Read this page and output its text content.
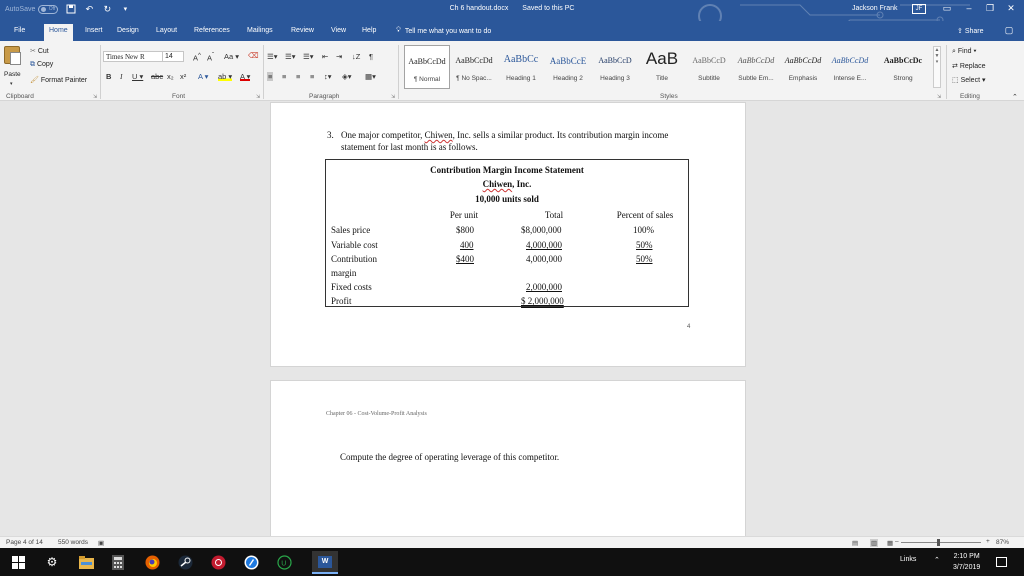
AutoSave	Off	↶ ↻	▾	Ch 6 handout.docx Saved to this PC	Jackson Frank	JF	▭	–	❐	✕
File	Home	Insert Design Layout References Mailings	Review View Help	💡︎ Tell me what you want to do	⇪ Share	▢
Paste
▾
✂ Cut
⧉ Copy
🖌︎ Format Painter
Clipboard	⇲
Times New R	14	A^ $A^ˇ$ Aa ▾ ⌫
B I U ▾ abc x₂ x² A ▾ ab ▾ A ▾
Font	⇲
☰▾ ☰▾ ☰▾ ⇤ ⇥ ↓Z ¶
≡ ≡ ≡ ≡ ↕▾ ◈▾ ▦▾
Paragraph	⇲
AaBbCcDd
¶ Normal
AaBbCcDd
¶ No Spac...
AaBbCc
Heading 1
AaBbCcE
Heading 2
AaBbCcD
Heading 3
AaB
Title
AaBbCcD
Subtitle
AaBbCcDd
Subtle Em...
AaBbCcDd
Emphasis
AaBbCcDd
Intense E...
AaBbCcDc
Strong
▲
▼
▾
Styles	⇲
⌕ Find ▾
⇄ Replace
⬚ Select ▾
Editing	⌃
3. One major competitor, Chiwen, Inc. sells a similar product. Its contribution margin income statement for last month is as follows.
Contribution Margin Income Statement
Chiwen, Inc.
10,000 units sold
Per unit	Total	Percent of sales
Sales price	$800	$8,000,000	100%
Variable cost	400	4,000,000	50%
Contribution
margin
$400	4,000,000	50%
Fixed costs	2,000,000
Profit	$ 2,000,000
4
Chapter 06 - Cost-Volume-Profit Analysis
Compute the degree of operating leverage of this competitor.
Page 4 of 14 550 words ▣	▤ ▥ ▦ –	+ 87%
⚙	U	W	Links	⌃
2:10 PM
3/7/2019
